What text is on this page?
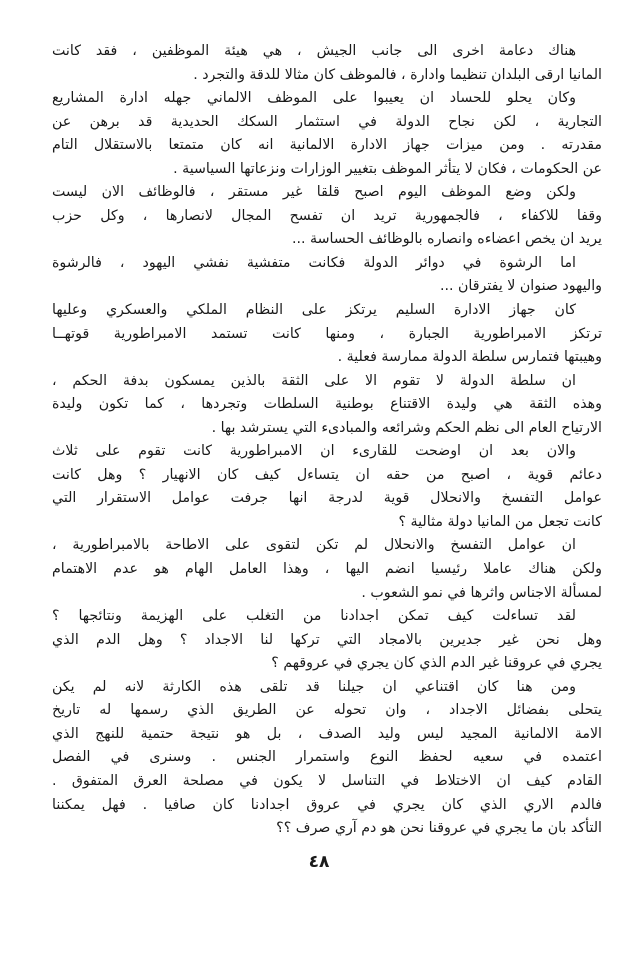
هناك دعامة اخرى الى جانب الجيش ، هي هيئة الموظفين ، فقد كانت
المانيا ارقى البلدان تنظيما وادارة ، فالموظف كان مثالا للدقة والتجرد .
وكان يحلو للحساد ان يعيبوا على الموظف الالماني جهله ادارة المشاريع
التجارية ، لكن نجاح الدولة في استثمار السكك الحديدية قد برهن عن
مقدرته . ومن ميزات جهاز الادارة الالمانية انه كان متمتعا بالاستقلال التام
عن الحكومات ، فكان لا يتأثر الموظف بتغيير الوزارات ونزعاتها السياسية .
ولكن وضع الموظف اليوم اصبح قلقا غير مستقر ، فالوظائف الان ليست
وقفا للاكفاء ، فالجمهورية تريد ان تفسح المجال لانصارها ، وكل حزب
يريد ان يخص اعضاءه وانصاره بالوظائف الحساسة ...
اما الرشوة في دوائر الدولة فكانت متفشية نفشي اليهود ، فالرشوة
واليهود صنوان لا يفترقان ...
كان جهاز الادارة السليم يرتكز على النظام الملكي والعسكري وعليها
ترتكز الامبراطورية الجبارة ، ومنها كانت تستمد الامبراطورية قوتهــا
وهيبتها فتمارس سلطة الدولة ممارسة فعلية .
ان سلطة الدولة لا تقوم الا على الثقة بالذين يمسكون بدفة الحكم ،
وهذه الثقة هي وليدة الاقتناع بوطنية السلطات وتجردها ، كما تكون وليدة
الارتياح العام الى نظم الحكم وشرائعه والمبادىء التي يسترشد بها .
والان بعد ان اوضحت للقارىء ان الامبراطورية كانت تقوم على ثلاث
دعائم قوية ، اصبح من حقه ان يتساءل كيف كان الانهيار ؟ وهل كانت
عوامل التفسخ والانحلال قوية لدرجة انها جرفت عوامل الاستقرار التي
كانت تجعل من المانيا دولة مثالية ؟
ان عوامل التفسخ والانحلال لم تكن لتقوى على الاطاحة بالامبراطورية ،
ولكن هناك عاملا رئيسيا انضم اليها ، وهذا العامل الهام هو عدم الاهتمام
لمسألة الاجناس واثرها في نمو الشعوب .
لقد تساءلت كيف تمكن اجدادنا من التغلب على الهزيمة ونتائجها ؟
وهل نحن غير جديرين بالامجاد التي تركها لنا الاجداد ؟ وهل الدم الذي
يجري في عروقنا غير الدم الذي كان يجري في عروقهم ؟
ومن هنا كان اقتناعي ان جيلنا قد تلقى هذه الكارثة لانه لم يكن
يتحلى بفضائل الاجداد ، وان تحوله عن الطريق الذي رسمها له تاريخ
الامة الالمانية المجيد ليس وليد الصدف ، بل هو نتيجة حتمية للنهج الذي
اعتمده في سعيه لحفظ النوع واستمرار الجنس . وسنرى في الفصل
القادم كيف ان الاختلاط في التناسل لا يكون في مصلحة العرق المتفوق .
فالدم الاري الذي كان يجري في عروق اجدادنا كان صافيا . فهل يمكننا
التأكد بان ما يجري في عروقنا نحن هو دم آري صرف ؟؟
٤٨
